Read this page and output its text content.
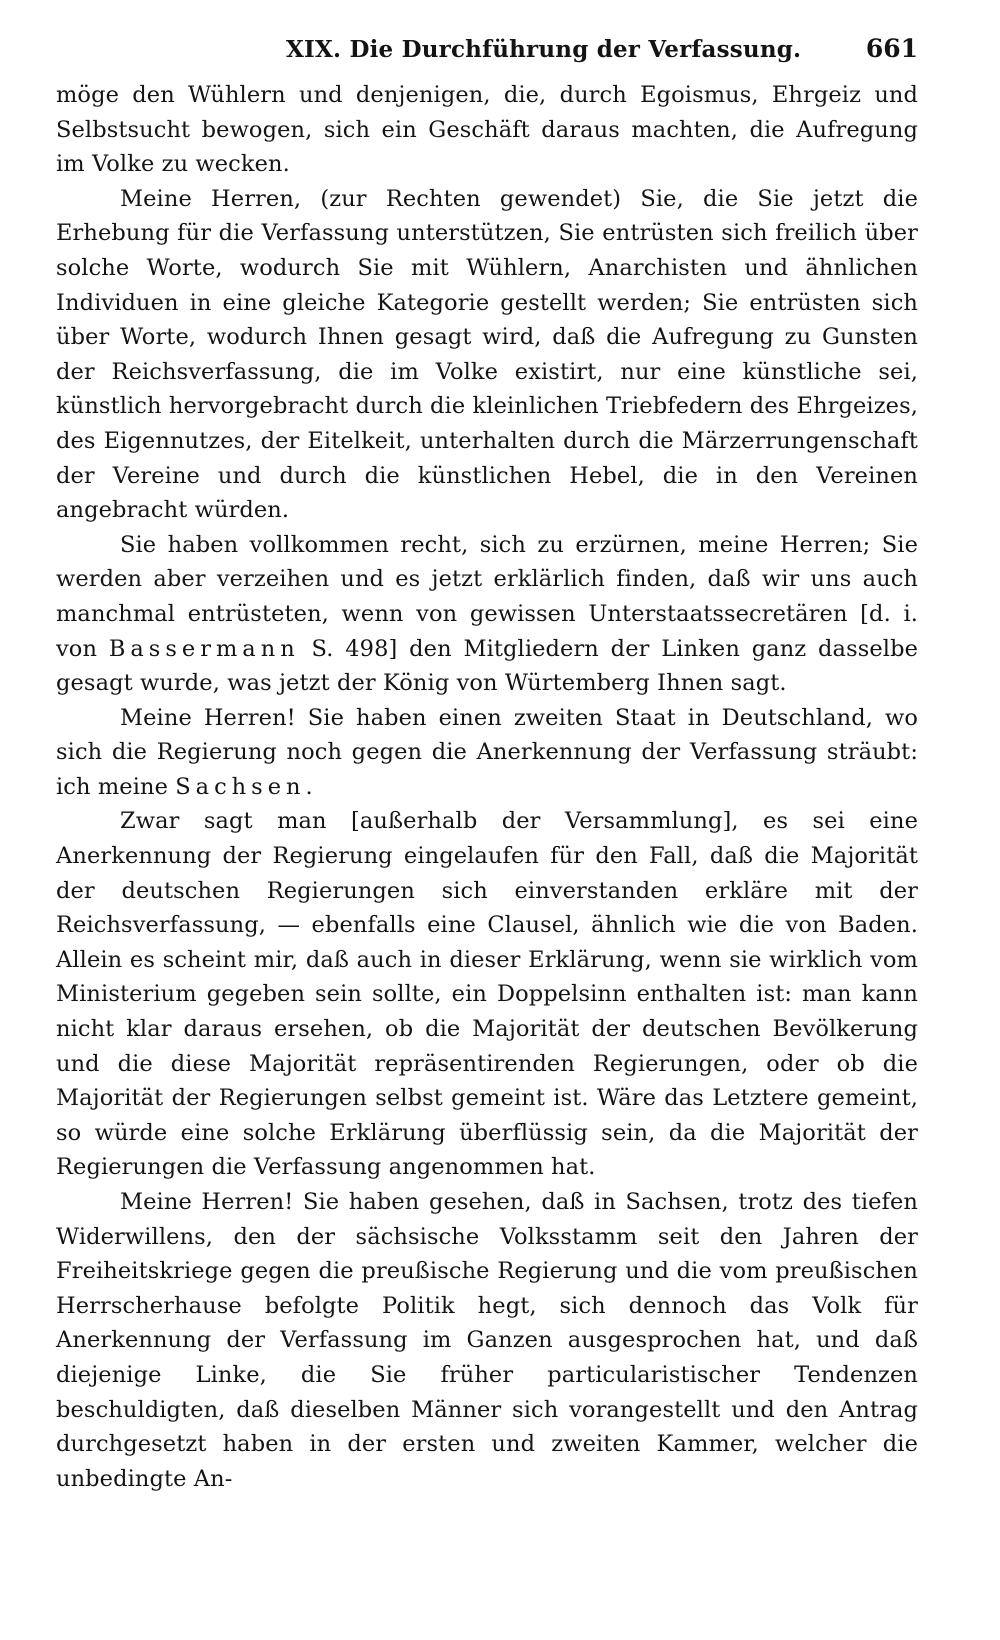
XIX. Die Durchführung der Verfassung.	661

möge den Wühlern und denjenigen, die, durch Egoismus, Ehrgeiz und Selbstsucht bewogen, sich ein Geschäft daraus machten, die Aufregung im Volke zu wecken.

Meine Herren, (zur Rechten gewendet) Sie, die Sie jetzt die Erhebung für die Verfassung unterstützen, Sie entrüsten sich freilich über solche Worte, wodurch Sie mit Wühlern, Anarchisten und ähnlichen Individuen in eine gleiche Kategorie gestellt werden; Sie entrüsten sich über Worte, wodurch Ihnen gesagt wird, daß die Aufregung zu Gunsten der Reichsverfassung, die im Volke existirt, nur eine künstliche sei, künstlich hervorgebracht durch die kleinlichen Triebfedern des Ehrgeizes, des Eigennutzes, der Eitelkeit, unterhalten durch die Märzerrungenschaft der Vereine und durch die künstlichen Hebel, die in den Vereinen angebracht würden.

Sie haben vollkommen recht, sich zu erzürnen, meine Herren; Sie werden aber verzeihen und es jetzt erklärlich finden, daß wir uns auch manchmal entrüsteten, wenn von gewissen Unterstaatssecretären [d. i. von Bassermann S. 498] den Mitgliedern der Linken ganz dasselbe gesagt wurde, was jetzt der König von Würtemberg Ihnen sagt.

Meine Herren! Sie haben einen zweiten Staat in Deutschland, wo sich die Regierung noch gegen die Anerkennung der Verfassung sträubt: ich meine Sachsen.

Zwar sagt man [außerhalb der Versammlung], es sei eine Anerkennung der Regierung eingelaufen für den Fall, daß die Majorität der deutschen Regierungen sich einverstanden erkläre mit der Reichsverfassung, — ebenfalls eine Clausel, ähnlich wie die von Baden. Allein es scheint mir, daß auch in dieser Erklärung, wenn sie wirklich vom Ministerium gegeben sein sollte, ein Doppelsinn enthalten ist: man kann nicht klar daraus ersehen, ob die Majorität der deutschen Bevölkerung und die diese Majorität repräsentirenden Regierungen, oder ob die Majorität der Regierungen selbst gemeint ist. Wäre das Letztere gemeint, so würde eine solche Erklärung überflüssig sein, da die Majorität der Regierungen die Verfassung angenommen hat.

Meine Herren! Sie haben gesehen, daß in Sachsen, trotz des tiefen Widerwillens, den der sächsische Volksstamm seit den Jahren der Freiheitskriege gegen die preußische Regierung und die vom preußischen Herrscherhause befolgte Politik hegt, sich dennoch das Volk für Anerkennung der Verfassung im Ganzen ausgesprochen hat, und daß diejenige Linke, die Sie früher particularistischer Tendenzen beschuldigten, daß dieselben Männer sich vorangestellt und den Antrag durchgesetzt haben in der ersten und zweiten Kammer, welcher die unbedingte An-
